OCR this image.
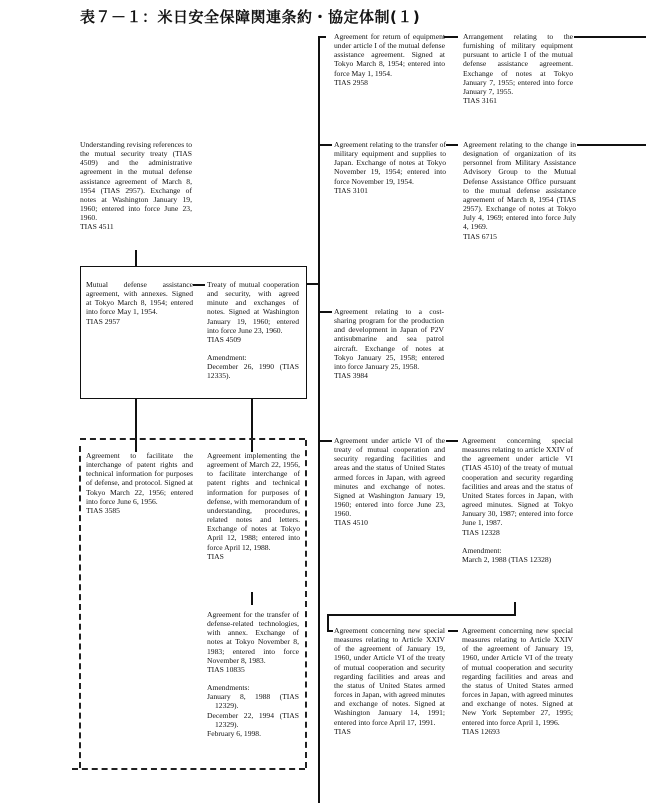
表７－１：米日安全保障関連条約・協定体制(１)
Agreement for return of equipment under article I of the mutual defense assistance agreement. Signed at Tokyo March 8, 1954; entered into force May 1, 1954.
TIAS 2958
Arrangement relating to the furnishing of military equipment pursuant to article I of the mutual defense assistance agreement. Exchange of notes at Tokyo January 7, 1955; entered into force January 7, 1955.
TIAS 3161
Understanding revising references to the mutual security treaty (TIAS 4509) and the administrative agreement in the mutual defense assistance agreement of March 8, 1954 (TIAS 2957). Exchange of notes at Washington January 19, 1960; entered into force June 23, 1960.
TIAS 4511
Agreement relating to the transfer of military equipment and supplies to Japan. Exchange of notes at Tokyo November 19, 1954; entered into force November 19, 1954.
TIAS 3101
Agreement relating to the change in designation of organization of its personnel from Military Assistance Advisory Group to the Mutual Defense Assistance Office pursuant to the mutual defense assistance agreement of March 8, 1954 (TIAS 2957). Exchange of notes at Tokyo July 4, 1969; entered into force July 4, 1969.
TIAS 6715
Mutual defense assistance agreement, with annexes. Signed at Tokyo March 8, 1954; entered into force May 1, 1954.
TIAS 2957
Treaty of mutual cooperation and security, with agreed minute and exchanges of notes. Signed at Washington January 19, 1960; entered into force June 23, 1960.
TIAS 4509
Amendment:
December 26, 1990 (TIAS 12335).
Agreement relating to a cost-sharing program for the production and development in Japan of P2V antisubmarine and sea patrol aircraft. Exchange of notes at Tokyo January 25, 1958; entered into force January 25, 1958.
TIAS 3984
Agreement to facilitate the interchange of patent rights and technical information for purposes of defense, and protocol. Signed at Tokyo March 22, 1956; entered into force June 6, 1956.
TIAS 3585
Agreement implementing the agreement of March 22, 1956, to facilitate interchange of patent rights and technical information for purposes of defense, with memorandum of understanding, procedures, related notes and letters. Exchange of notes at Tokyo April 12, 1988; entered into force April 12, 1988.
TIAS
Agreement for the transfer of defense-related technologies, with annex. Exchange of notes at Tokyo November 8, 1983; entered into force November 8, 1983.
TIAS 10835
Amendments:
January 8, 1988 (TIAS 12329).
December 22, 1994 (TIAS 12329).
February 6, 1998.
Agreement under article VI of the treaty of mutual cooperation and security regarding facilities and areas and the status of United States armed forces in Japan, with agreed minutes and exchange of notes. Signed at Washington January 19, 1960; entered into force June 23, 1960.
TIAS 4510
Agreement concerning special measures relating to article XXIV of the agreement under article VI (TIAS 4510) of the treaty of mutual cooperation and security regarding facilities and areas and the status of United States forces in Japan, with agreed minutes. Signed at Tokyo January 30, 1987; entered into force June 1, 1987.
TIAS 12328
Amendment:
March 2, 1988 (TIAS 12328)
Agreement concerning new special measures relating to Article XXIV of the agreement of January 19, 1960, under Article VI of the treaty of mutual cooperation and security regarding facilities and areas and the status of United States armed forces in Japan, with agreed minutes and exchange of notes. Signed at Washington January 14, 1991; entered into force April 17, 1991.
TIAS
Agreement concerning new special measures relating to Article XXIV of the agreement of January 19, 1960, under Article VI of the treaty of mutual cooperation and security regarding facilities and areas and the status of United States armed forces in Japan, with agreed minutes and exchange of notes. Signed at New York September 27, 1995; entered into force April 1, 1996.
TIAS 12693
